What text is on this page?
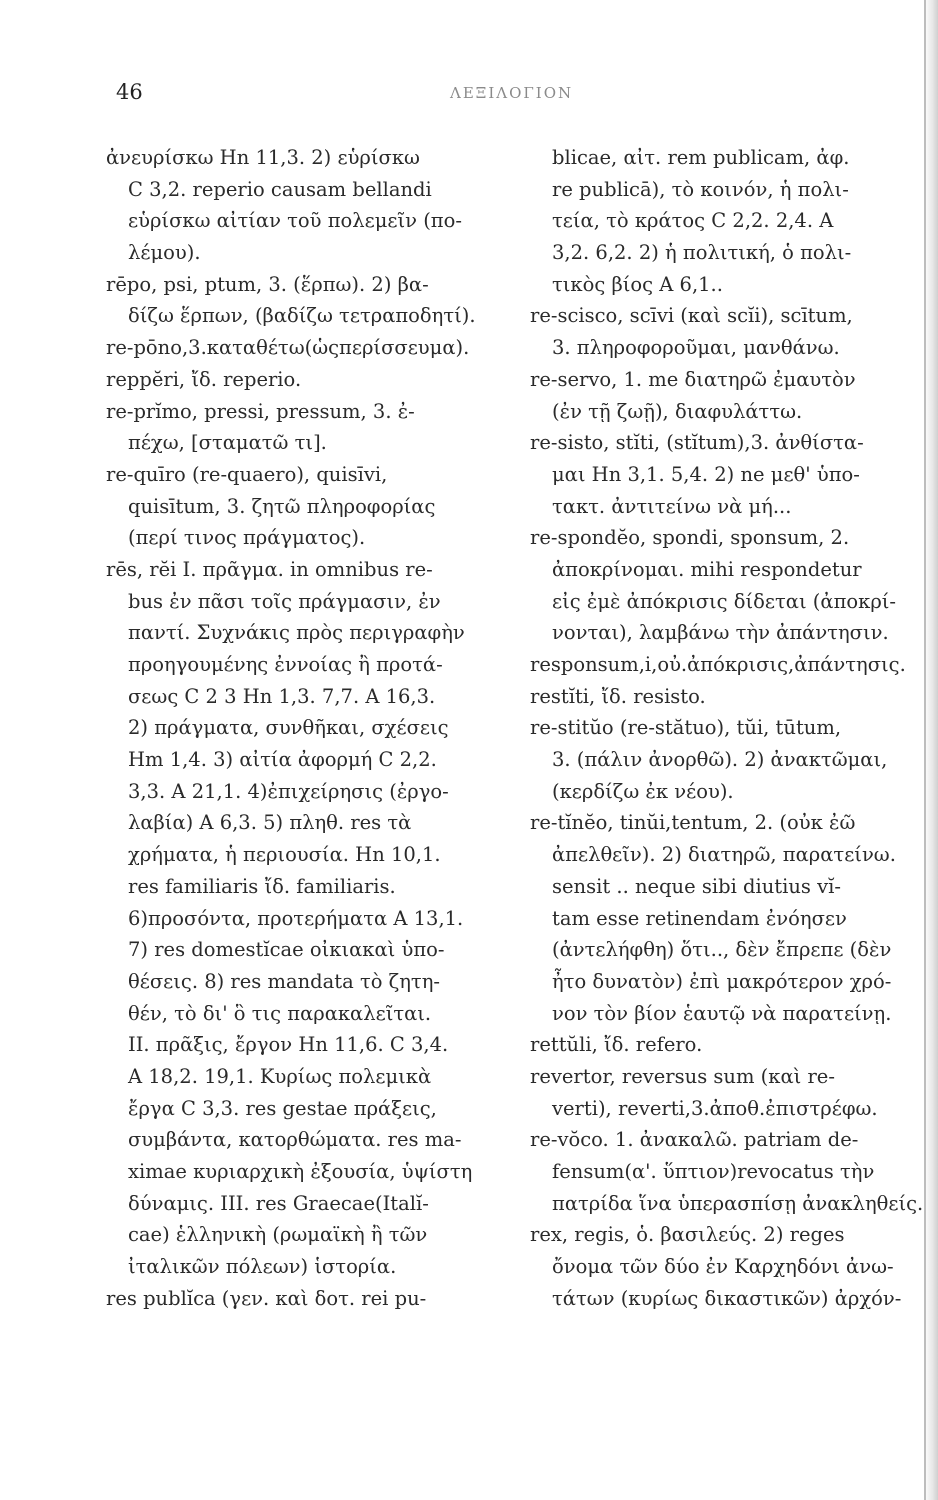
46	ΛΕΞΙΛΟΓΙΟΝ
ἀνευρίσκω Ηn 11,3. 2) εὑρίσκω
C 3,2. reperio causam bellandi
εὑρίσκω αἰτίαν τοῦ πολεμεῖν (πο-
λέμου).
rēpo, psi, ptum, 3. (ἕρπω). 2) βα-
δίζω ἕρπων, (βαδίζω τετραποδητί).
re-pōno,3.καταθέτω(ὡςπερίσσευμα).
reppĕri, ἴδ. reperio.
re-prĭmo, pressi, pressum, 3. ἐ-
πέχω, [σταματῶ τι].
re-quīro (re-quaero), quisīvi,
quisītum, 3. ζητῶ πληροφορίας
(περί τινος πράγματος).
rēs, rĕi I. πρᾶγμα. in omnibus re-
bus ἐν πᾶσι τοῖς πράγμασιν, ἐν
παντί. Συχνάκις πρὸς περιγραφὴν
προηγουμένης ἐννοίας ἢ προτά-
σεως C 2 3 Ηn 1,3. 7,7. A 16,3.
2) πράγματα, συνθῆκαι, σχέσεις
Ηm 1,4. 3) αἰτία ἀφορμή C 2,2.
3,3. A 21,1. 4)ἐπιχείρησις (ἐργο-
λαβία) A 6,3. 5) πληθ. res τὰ
χρήματα, ἡ περιουσία. Ηn 10,1.
res familiaris ἴδ. familiaris.
6)προσόντα, προτερήματα A 13,1.
7) res domestĭcae οἰκιακαὶ ὑπο-
θέσεις. 8) res mandata τὸ ζητη-
θέν, τὸ δι' ὃ τις παρακαλεῖται.
II. πρᾶξις, ἔργον Ηn 11,6. C 3,4.
A 18,2. 19,1. Κυρίως πολεμικὰ
ἔργα C 3,3. res gestae πράξεις,
συμβάντα, κατορθώματα. res ma-
ximae κυριαρχικὴ ἐξουσία, ὑψίστη
δύναμις. III. res Graecae(Italĭ-
cae) ἑλληνικὴ (ρωμαϊκὴ ἢ τῶν
ἰταλικῶν πόλεων) ἱστορία.
res publĭca (γεν. καὶ δοτ. rei pu-
blicae, αἰτ. rem publicam, ἀφ.
re publicā), τὸ κοινόν, ἡ πολι-
τεία, τὸ κράτος C 2,2. 2,4. A
3,2. 6,2. 2) ἡ πολιτική, ὁ πολι-
τικὸς βίος A 6,1..
re-scisco, scīvi (καὶ scĭi), scītum,
3. πληροφοροῦμαι, μανθάνω.
re-servo, 1. me διατηρῶ ἐμαυτὸν
(ἐν τῇ ζωῇ), διαφυλάττω.
re-sisto, stĭti, (stĭtum),3. ἀνθίστα-
μαι Ηn 3,1. 5,4. 2) ne μεθ' ὑπο-
τακτ. ἀντιτείνω νὰ μή...
re-spondĕo, spondi, sponsum, 2.
ἀποκρίνομαι. mihi respondetur
εἰς ἐμὲ ἀπόκρισις δίδεται (ἀποκρί-
νονται), λαμβάνω τὴν ἀπάντησιν.
responsum,i,οὐ.ἀπόκρισις,ἀπάντησις.
restĭti, ἴδ. resisto.
re-stitŭo (re-stătuo), tŭi, tūtum,
3. (πάλιν ἀνορθῶ). 2) ἀνακτῶμαι,
(κερδίζω ἐκ νέου).
re-tĭnĕo, tinŭi,tentum, 2. (οὐκ ἐῶ
ἀπελθεῖν). 2) διατηρῶ, παρατείνω.
sensit .. neque sibi diutius vĭ-
tam esse retinendam ἐνόησεν
(ἀντελήφθη) ὅτι.., δὲν ἔπρεπε (δὲν
ἦτο δυνατὸν) ἐπὶ μακρότερον χρό-
νον τὸν βίον ἑαυτῷ νὰ παρατείνῃ.
rettŭli, ἴδ. refero.
revertor, reversus sum (καὶ re-
verti), reverti,3.ἀποθ.ἐπιστρέφω.
re-vŏco. 1. ἀνακαλῶ. patriam de-
fensum(α'. ὕπτιον)revocatus τὴν
πατρίδα ἵνα ὑπερασπίσῃ ἀνακληθείς.
rex, regis, ὁ. βασιλεύς. 2) reges
ὄνομα τῶν δύο ἐν Καρχηδόνι ἀνω-
τάτων (κυρίως δικαστικῶν) ἀρχόν-
